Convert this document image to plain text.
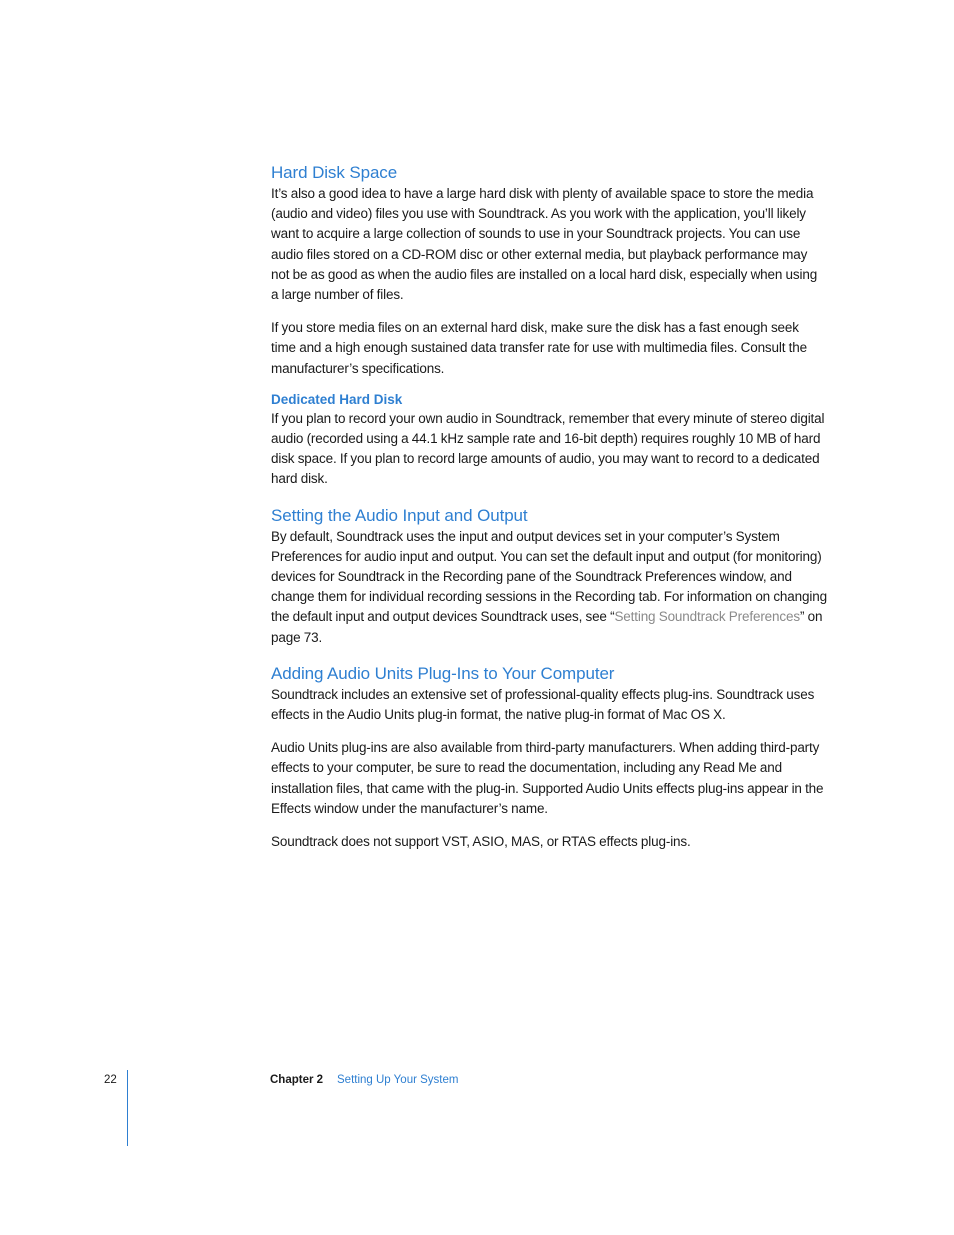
Hard Disk Space

It’s also a good idea to have a large hard disk with plenty of available space to store the media (audio and video) files you use with Soundtrack. As you work with the application, you’ll likely want to acquire a large collection of sounds to use in your Soundtrack projects. You can use audio files stored on a CD-ROM disc or other external media, but playback performance may not be as good as when the audio files are installed on a local hard disk, especially when using a large number of files.

If you store media files on an external hard disk, make sure the disk has a fast enough seek time and a high enough sustained data transfer rate for use with multimedia files. Consult the manufacturer’s specifications.

Dedicated Hard Disk

If you plan to record your own audio in Soundtrack, remember that every minute of stereo digital audio (recorded using a 44.1 kHz sample rate and 16-bit depth) requires roughly 10 MB of hard disk space. If you plan to record large amounts of audio, you may want to record to a dedicated hard disk.

Setting the Audio Input and Output

By default, Soundtrack uses the input and output devices set in your computer’s System Preferences for audio input and output. You can set the default input and output (for monitoring) devices for Soundtrack in the Recording pane of the Soundtrack Preferences window, and change them for individual recording sessions in the Recording tab. For information on changing the default input and output devices Soundtrack uses, see “Setting Soundtrack Preferences” on page 73.

Adding Audio Units Plug-Ins to Your Computer

Soundtrack includes an extensive set of professional-quality effects plug-ins. Soundtrack uses effects in the Audio Units plug-in format, the native plug-in format of Mac OS X.

Audio Units plug-ins are also available from third-party manufacturers. When adding third-party effects to your computer, be sure to read the documentation, including any Read Me and installation files, that came with the plug-in. Supported Audio Units effects plug-ins appear in the Effects window under the manufacturer’s name.

Soundtrack does not support VST, ASIO, MAS, or RTAS effects plug-ins.

22	Chapter 2 Setting Up Your System
